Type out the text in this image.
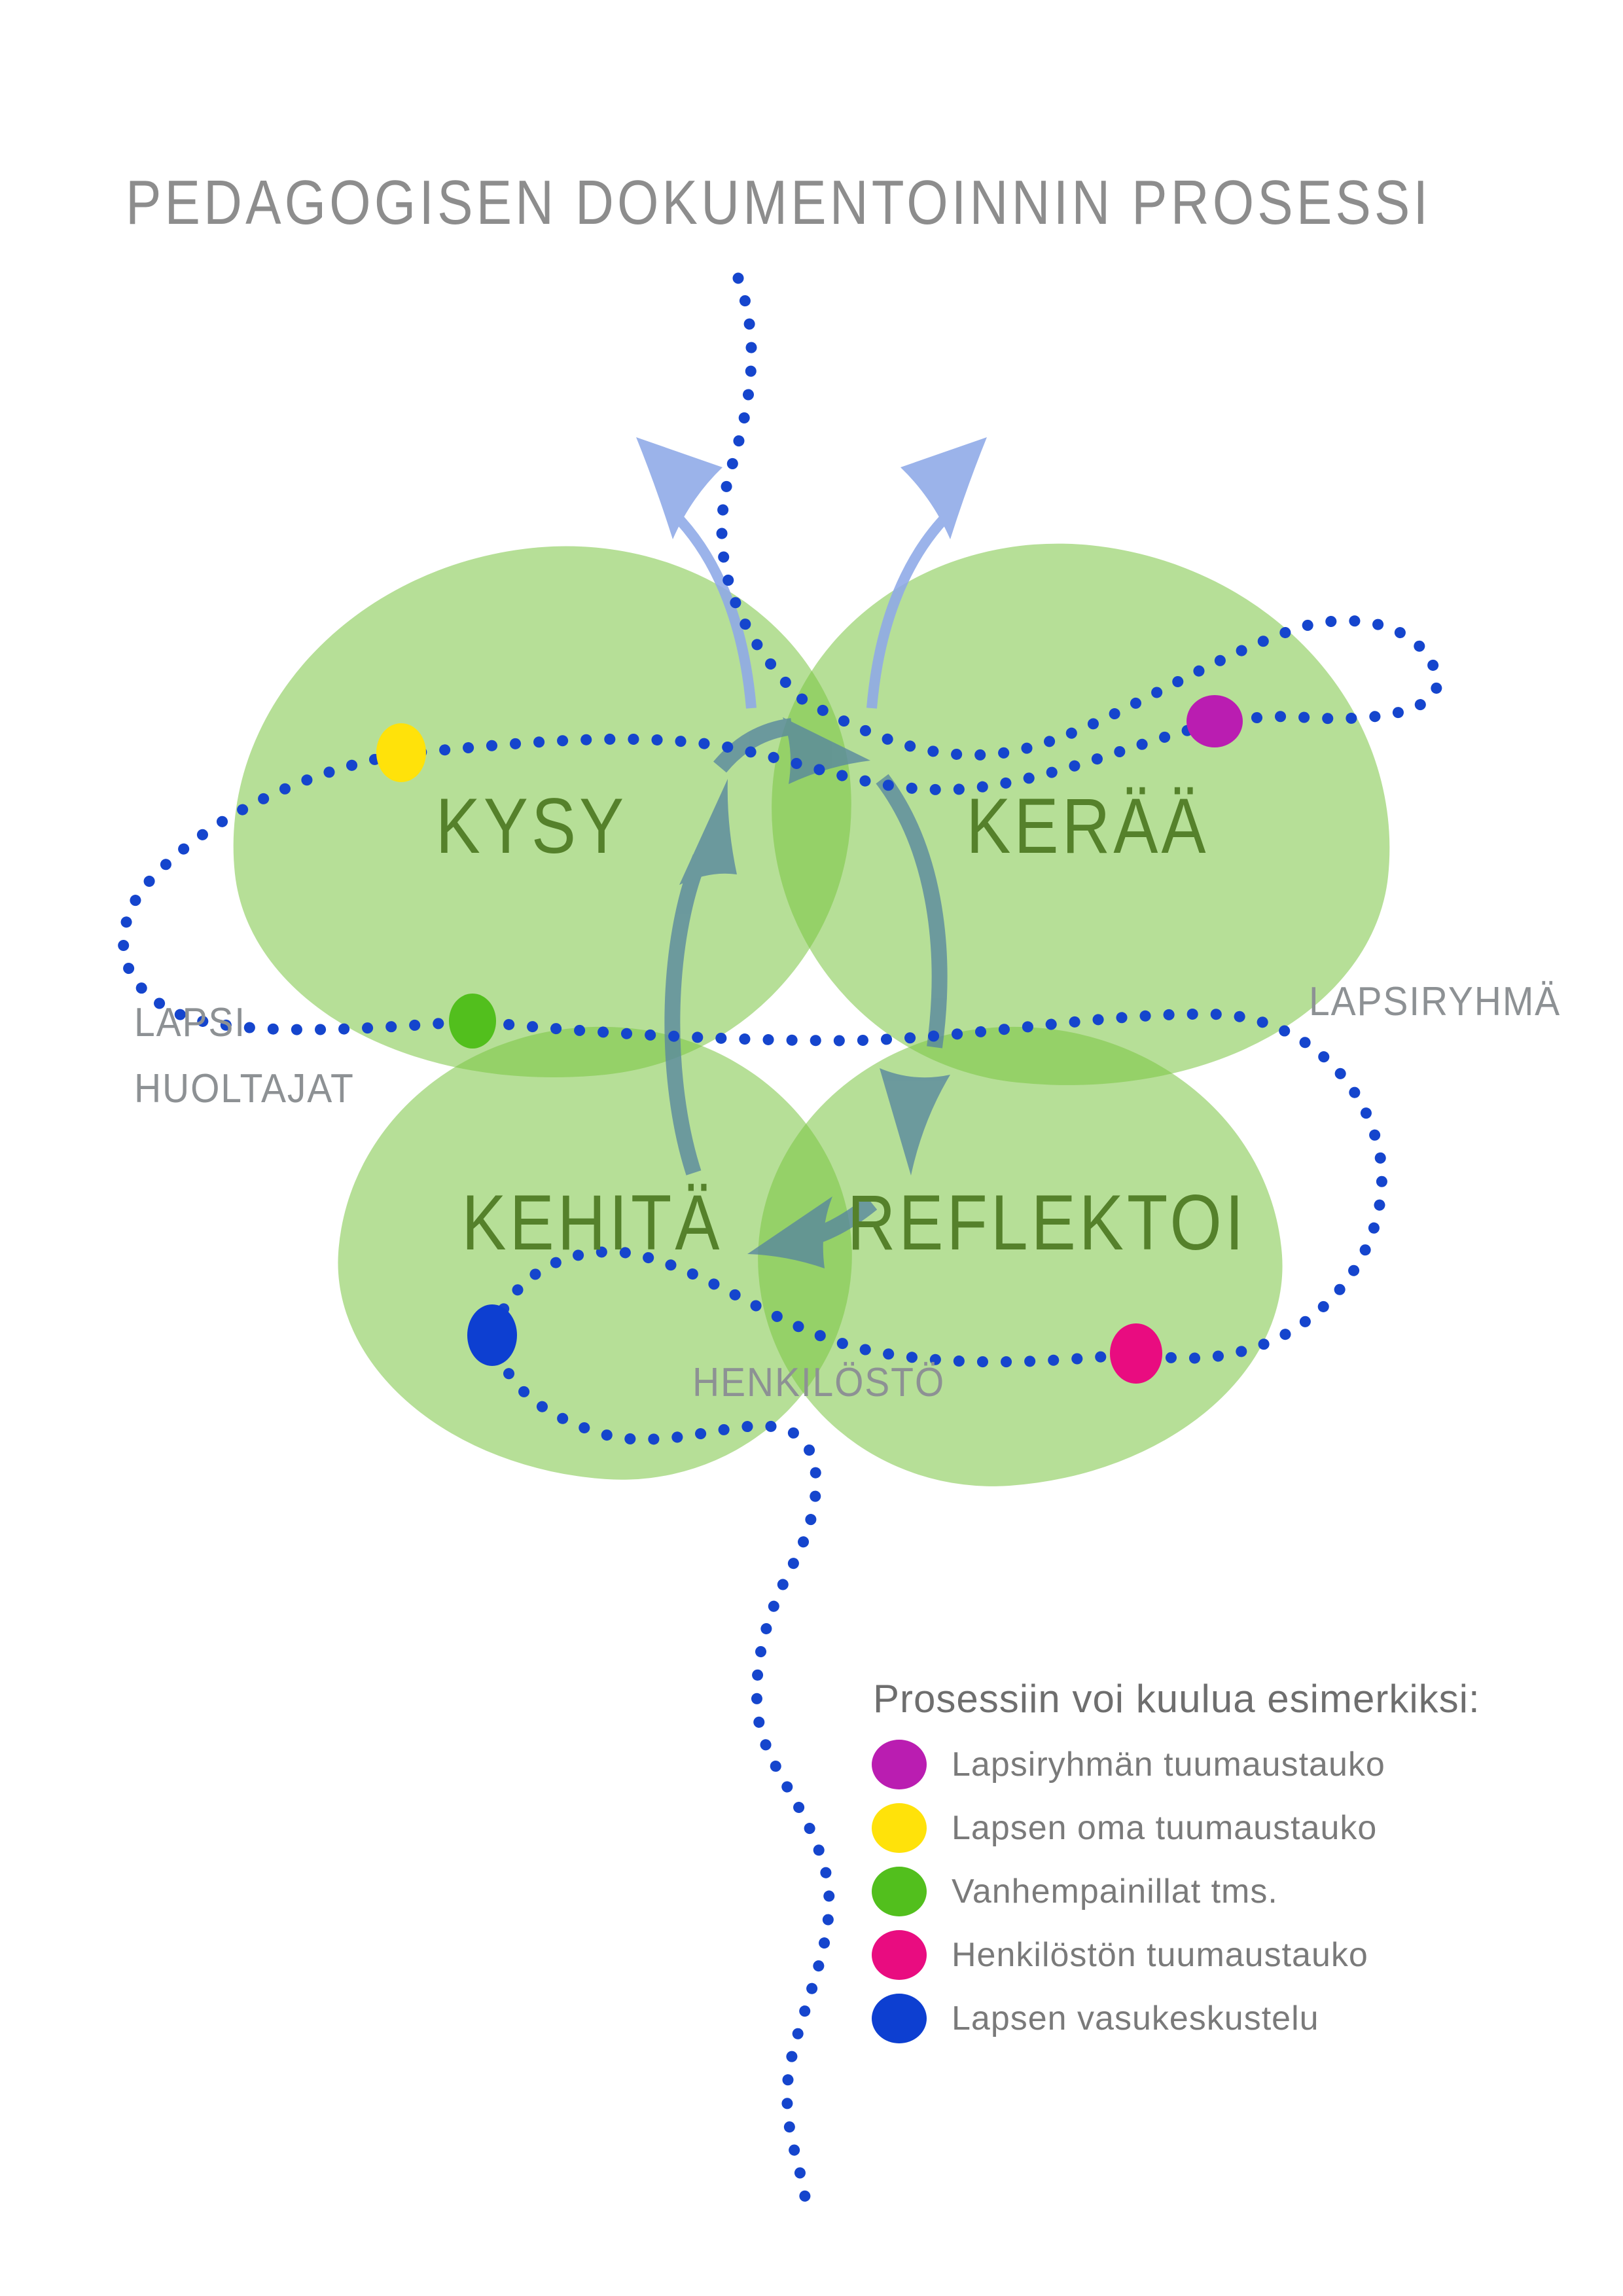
PEDAGOGISEN DOKUMENTOINNIN PROSESSI
KYSY	KERÄÄ
KEHITÄ REFLEKTOI
LAPSI
HUOLTAJAT
LAPSIRYHMÄ
HENKILÖSTÖ
Prosessiin voi kuulua esimerkiksi:
Lapsiryhmän tuumaustauko
Lapsen oma tuumaustauko
Vanhempainillat tms.
Henkilöstön tuumaustauko
Lapsen vasukeskustelu
